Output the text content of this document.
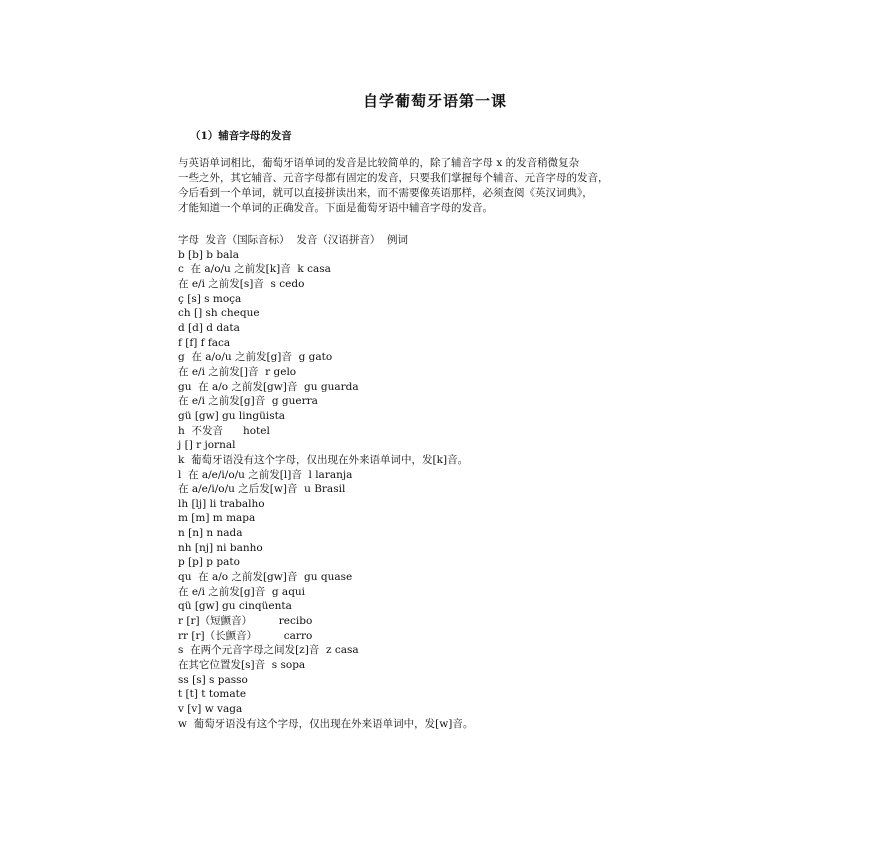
自学葡萄牙语第一课
（1）辅音字母的发音

与英语单词相比，葡萄牙语单词的发音是比较简单的，除了辅音字母 x 的发音稍微复杂
一些之外，其它辅音、元音字母都有固定的发音，只要我们掌握每个辅音、元音字母的发音，
今后看到一个单词，就可以直接拼读出来，而不需要像英语那样，必须查阅《英汉词典》，
才能知道一个单词的正确发音。下面是葡萄牙语中辅音字母的发音。

字母  发音（国际音标）  发音（汉语拼音）  例词
b [b] b bala
c  在 a/o/u 之前发[k]音  k casa
在 e/i 之前发[s]音  s cedo
ç [s] s moça
ch [] sh cheque
d [d] d data
f [f] f faca
g  在 a/o/u 之前发[g]音  g gato
在 e/i 之前发[]音  r gelo
gu  在 a/o 之前发[gw]音  gu guarda
在 e/i 之前发[g]音  g guerra
gü [gw] gu lingüista
h  不发音      hotel
j [] r jornal
k  葡萄牙语没有这个字母，仅出现在外来语单词中，发[k]音。
l  在 a/e/i/o/u 之前发[l]音  l laranja
在 a/e/i/o/u 之后发[w]音  u Brasil
lh [lj] li trabalho
m [m] m mapa
n [n] n nada
nh [nj] ni banho
p [p] p pato
qu  在 a/o 之前发[gw]音  gu quase
在 e/i 之前发[g]音  g aqui
qü [gw] gu cinqüenta
r [r]（短颤音）        recibo
rr [r]（长颤音）        carro
s  在两个元音字母之间发[z]音  z casa
在其它位置发[s]音  s sopa
ss [s] s passo
t [t] t tomate
v [v] w vaga
w  葡萄牙语没有这个字母，仅出现在外来语单词中，发[w]音。
